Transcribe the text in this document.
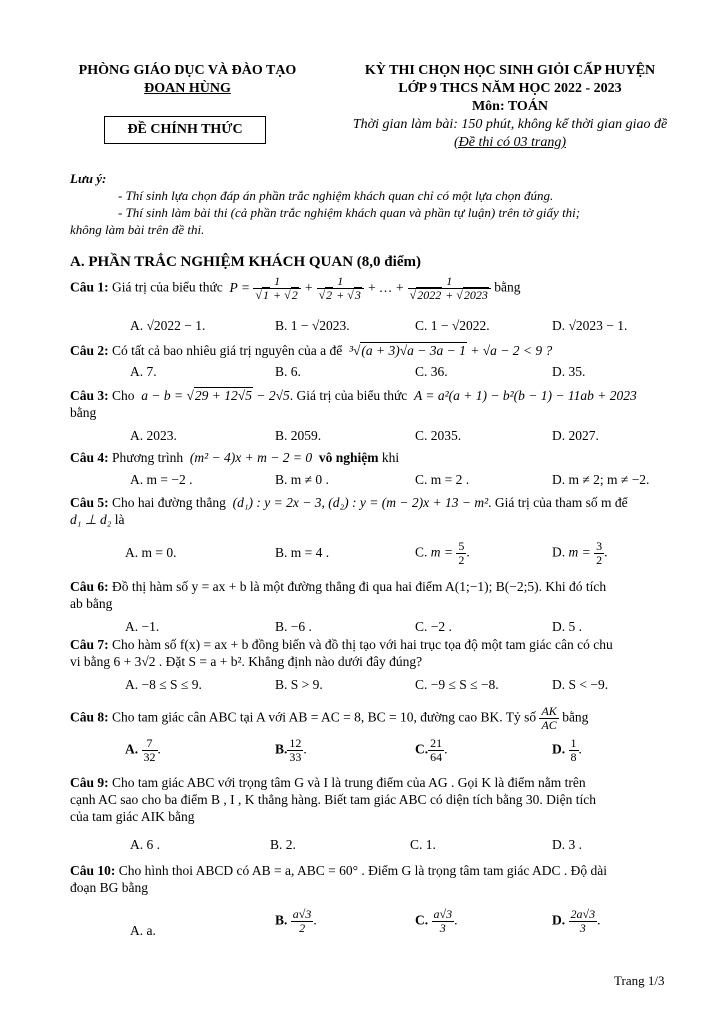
PHÒNG GIÁO DỤC VÀ ĐÀO TẠO
ĐOAN HÙNG
ĐỀ CHÍNH THỨC
KỲ THI CHỌN HỌC SINH GIỎI CẤP HUYỆN
LỚP 9 THCS NĂM HỌC 2022 - 2023
Môn: TOÁN
Thời gian làm bài: 150 phút, không kể thời gian giao đề
(Đề thi có 03 trang)
Lưu ý:
- Thí sinh lựa chọn đáp án phần trắc nghiệm khách quan chỉ có một lựa chọn đúng.
- Thí sinh làm bài thi (cả phần trắc nghiệm khách quan và phần tự luận) trên tờ giấy thi;
không làm bài trên đề thi.
A. PHẦN TRẮC NGHIỆM KHÁCH QUAN (8,0 điểm)
Câu 1: Giá trị của biểu thức  $P = \frac{1}{√1 + √2} + \frac{1}{√2 + √3}$ + … + $\frac{1}{√2022 + √2023}$ bằng
A. √2022 − 1.	B. 1 − √2023.	C. 1 − √2022.	D. √2023 − 1.
Câu 2: Có tất cả bao nhiêu giá trị nguyên của a để  ³√(a + 3)√a − 3a − 1 + √a − 2 < 9 ?
A. 7.	B. 6.	C. 36.	D. 35.
Câu 3: Cho  a − b = √29 + 12√5 − 2√5. Giá trị của biểu thức  A = a²(a + 1) − b²(b − 1) − 11ab + 2023
bằng
A. 2023.	B. 2059.	C. 2035.	D. 2027.
Câu 4: Phương trình  (m² − 4)x + m − 2 = 0  vô nghiệm khi
A. m = −2 .	B. m ≠ 0 .	C. m = 2 .	D. m ≠ 2; m ≠ −2.
Câu 5: Cho hai đường thẳng  (d₁) : y = 2x − 3, (d₂) : y = (m − 2)x + 13 − m². Giá trị của tham số m để
d₁ ⊥ d₂ là
A. m = 0.	B. m = 4 .	C. $m = \frac{5}{2}$ .	D. $m = \frac{3}{2}$ .
Câu 6: Đồ thị hàm số y = ax + b là một đường thẳng đi qua hai điểm A(1;−1); B(−2;5). Khi đó tích
ab bằng
A. −1.	B. −6 .	C. −2 .	D. 5 .
Câu 7: Cho hàm số f(x) = ax + b đồng biến và đồ thị tạo với hai trục tọa độ một tam giác cân có chu
vi bằng 6 + 3√2 . Đặt S = a + b². Khẳng định nào dưới đây đúng?
A. −8 ≤ S ≤ 9.	B. S > 9.	C. −9 ≤ S ≤ −8.	D. S < −9.
Câu 8: Cho tam giác cân ABC tại A với AB = AC = 8, BC = 10, đường cao BK. Tỷ số $\frac{AK}{AC}$ bằng
A. $\frac{7}{32}$ .	B. $\frac{12}{33}$ .	C. $\frac{21}{64}$ .	D. $\frac{1}{8}$ .
Câu 9: Cho tam giác ABC với trọng tâm G và I là trung điểm của AG . Gọi K là điểm nằm trên
cạnh AC sao cho ba điểm B , I , K thẳng hàng. Biết tam giác ABC có diện tích bằng 30. Diện tích
của tam giác AIK bằng
A. 6 .	B. 2.	C. 1.	D. 3 .
Câu 10: Cho hình thoi ABCD có AB = a, ABC = 60° . Điểm G là trọng tâm tam giác ADC . Độ dài
đoạn BG bằng
A. a.
B. $\frac{a√3}{2}$ .	C. $\frac{a√3}{3}$ .	D. $\frac{2a√3}{3}$ .
Trang 1/3
